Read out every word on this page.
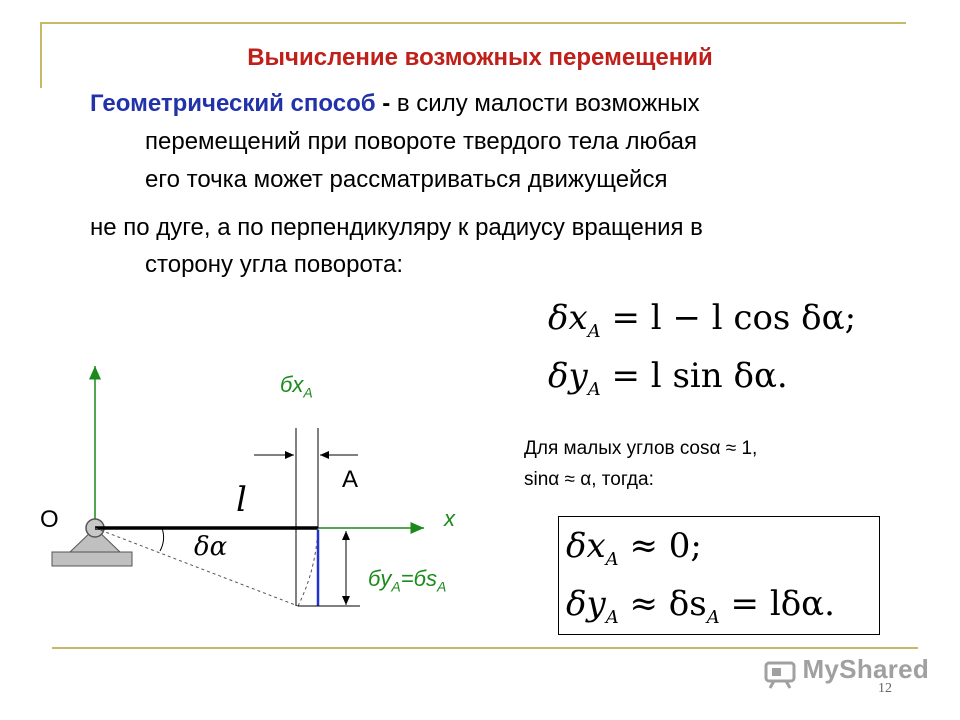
Вычисление возможных перемещений
Геометрический способ - в силу малости возможных
перемещений при повороте твердого тела любая
его точка может рассматриваться движущейся
не по дуге, а по перпендикуляру к радиусу вращения в
сторону угла поворота:
$\delta x_A = l - l$ cos δα;
$\delta y_A = l$ sin δα.
Для малых углов cosα ≈ 1,
sinα ≈ α, тогда:
$\delta x_A \approx 0$;
$\delta y_A \approx \delta s_A = l\delta\alpha$.
O
A
l	x
δα
$бx_A$
$бy_A=бs_A$
MyShared
12
